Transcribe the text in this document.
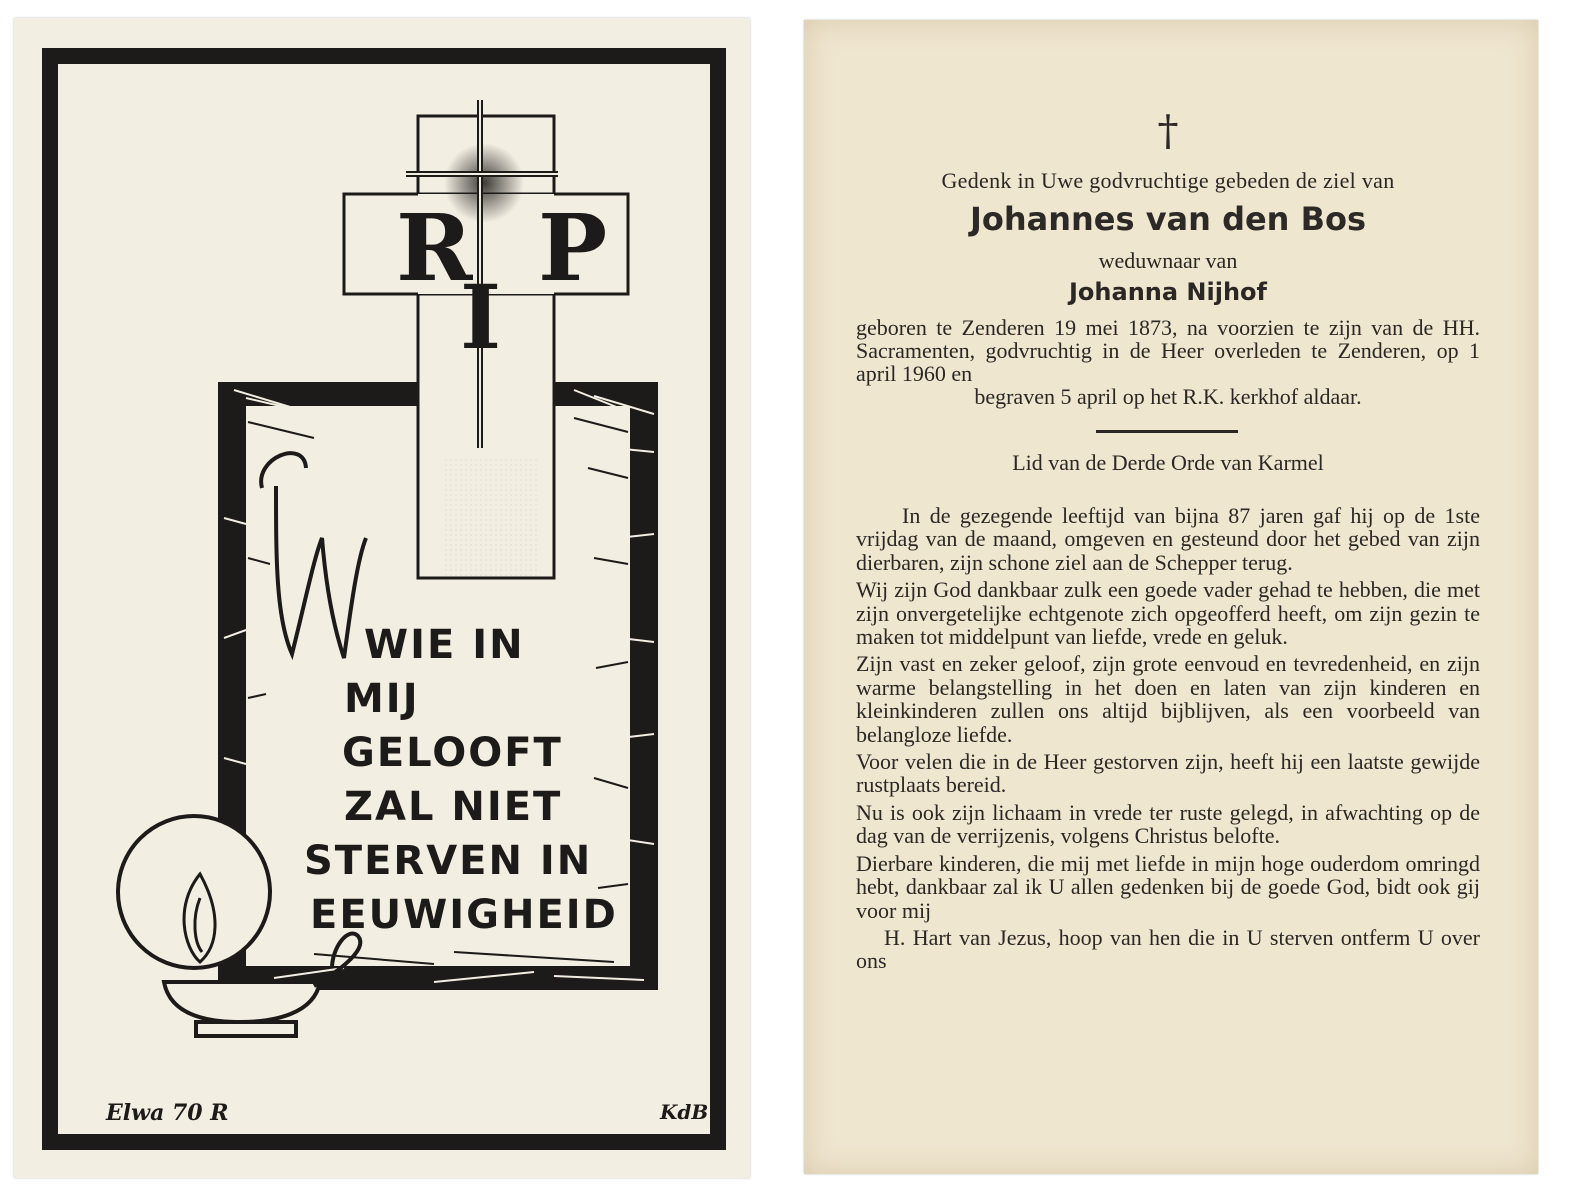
R
I
P
WIE IN
MIJ
GELOOFT
ZAL NIET
STERVEN IN
EEUWIGHEID
Elwa 70 R	KdB
†
Gedenk in Uwe godvruchtige gebeden de ziel van
Johannes van den Bos
weduwnaar van
Johanna Nijhof
geboren te Zenderen 19 mei 1873, na voorzien te zijn van de HH. Sacramenten, godvruchtig in de Heer overleden te Zenderen, op 1 april 1960 en
begraven 5 april op het R.K. kerkhof aldaar.
Lid van de Derde Orde van Karmel

In de gezegende leeftijd van bijna 87 jaren gaf hij op de 1ste vrijdag van de maand, omgeven en gesteund door het gebed van zijn dierbaren, zijn schone ziel aan de Schepper terug.

Wij zijn God dankbaar zulk een goede vader gehad te hebben, die met zijn onvergetelijke echtgenote zich opgeofferd heeft, om zijn gezin te maken tot middelpunt van liefde, vrede en geluk.

Zijn vast en zeker geloof, zijn grote eenvoud en tevredenheid, en zijn warme belangstelling in het doen en laten van zijn kinderen en kleinkinderen zullen ons altijd bijblijven, als een voorbeeld van belangloze liefde.

Voor velen die in de Heer gestorven zijn, heeft hij een laatste gewijde rustplaats bereid.

Nu is ook zijn lichaam in vrede ter ruste gelegd, in afwachting op de dag van de verrijzenis, volgens Christus belofte.

Dierbare kinderen, die mij met liefde in mijn hoge ouderdom omringd hebt, dankbaar zal ik U allen gedenken bij de goede God, bidt ook gij voor mij

H. Hart van Jezus, hoop van hen die in U sterven ontferm U over ons
